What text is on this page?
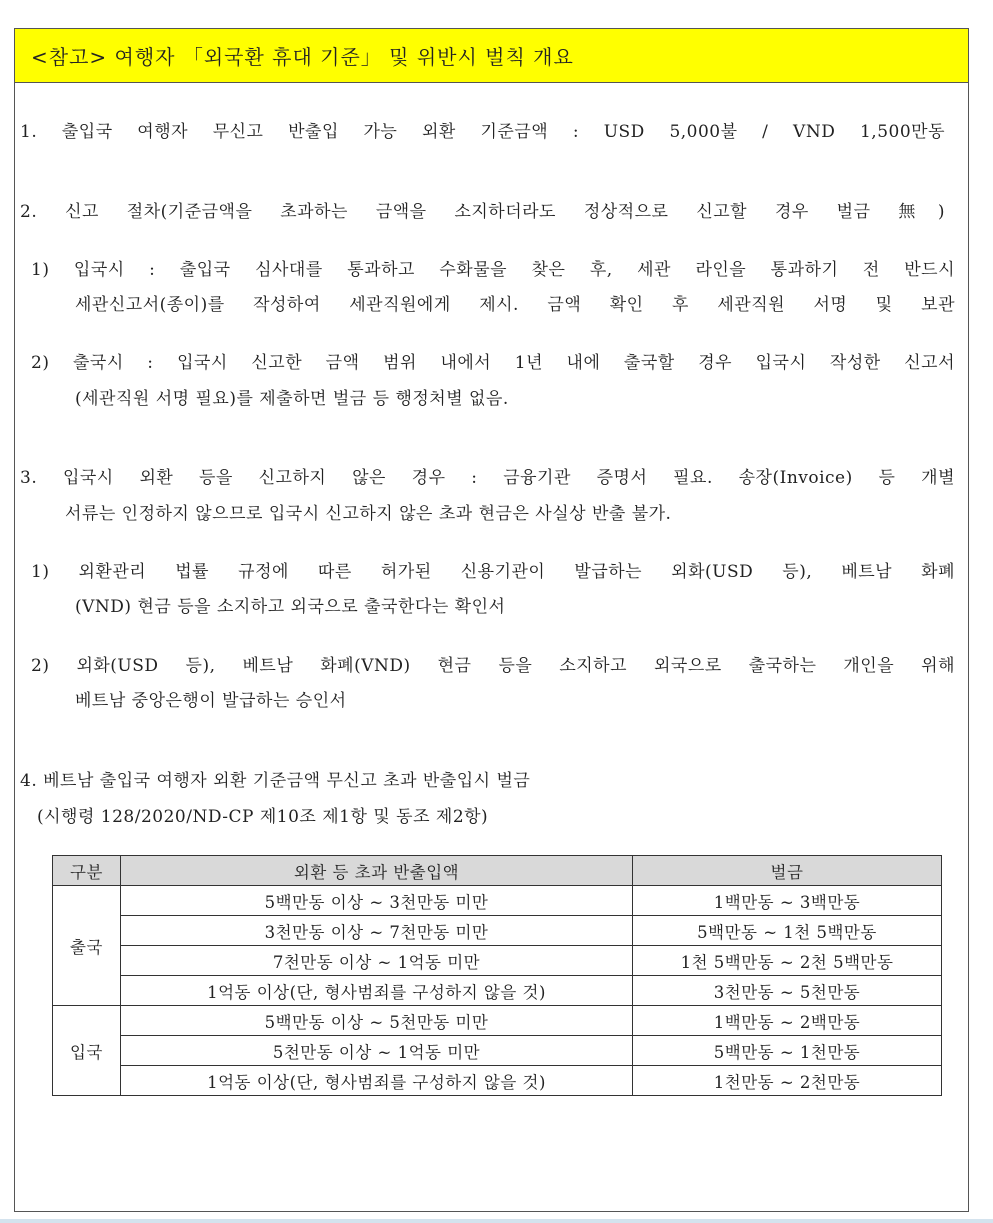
<참고> 여행자 「외국환 휴대 기준」 및 위반시 벌칙 개요
1. 출입국 여행자 무신고 반출입 가능 외환 기준금액 : USD 5,000불 / VND 1,500만동
2. 신고 절차(기준금액을 초과하는 금액을 소지하더라도 정상적으로 신고할 경우 벌금 無)
1) 입국시 : 출입국 심사대를 통과하고 수화물을 찾은 후, 세관 라인을 통과하기 전 반드시
세관신고서(종이)를 작성하여 세관직원에게 제시. 금액 확인 후 세관직원 서명 및 보관
2) 출국시 : 입국시 신고한 금액 범위 내에서 1년 내에 출국할 경우 입국시 작성한 신고서
(세관직원 서명 필요)를 제출하면 벌금 등 행정처별 없음.
3. 입국시 외환 등을 신고하지 않은 경우 : 금융기관 증명서 필요. 송장(Invoice) 등 개별
서류는 인정하지 않으므로 입국시 신고하지 않은 초과 현금은 사실상 반출 불가.
1) 외환관리 법률 규정에 따른 허가된 신용기관이 발급하는 외화(USD 등), 베트남 화폐
(VND) 현금 등을 소지하고 외국으로 출국한다는 확인서
2) 외화(USD 등), 베트남 화폐(VND) 현금 등을 소지하고 외국으로 출국하는 개인을 위해
베트남 중앙은행이 발급하는 승인서
4. 베트남 출입국 여행자 외환 기준금액 무신고 초과 반출입시 벌금
(시행령 128/2020/ND-CP 제10조 제1항 및 동조 제2항)
구분	외환 등 초과 반출입액	벌금
출국	5백만동 이상 ~ 3천만동 미만	1백만동 ~ 3백만동
	3천만동 이상 ~ 7천만동 미만	5백만동 ~ 1천 5백만동
	7천만동 이상 ~ 1억동 미만	1천 5백만동 ~ 2천 5백만동
	1억동 이상(단, 형사범죄를 구성하지 않을 것)	3천만동 ~ 5천만동
입국	5백만동 이상 ~ 5천만동 미만	1백만동 ~ 2백만동
	5천만동 이상 ~ 1억동 미만	5백만동 ~ 1천만동
	1억동 이상(단, 형사범죄를 구성하지 않을 것)	1천만동 ~ 2천만동
